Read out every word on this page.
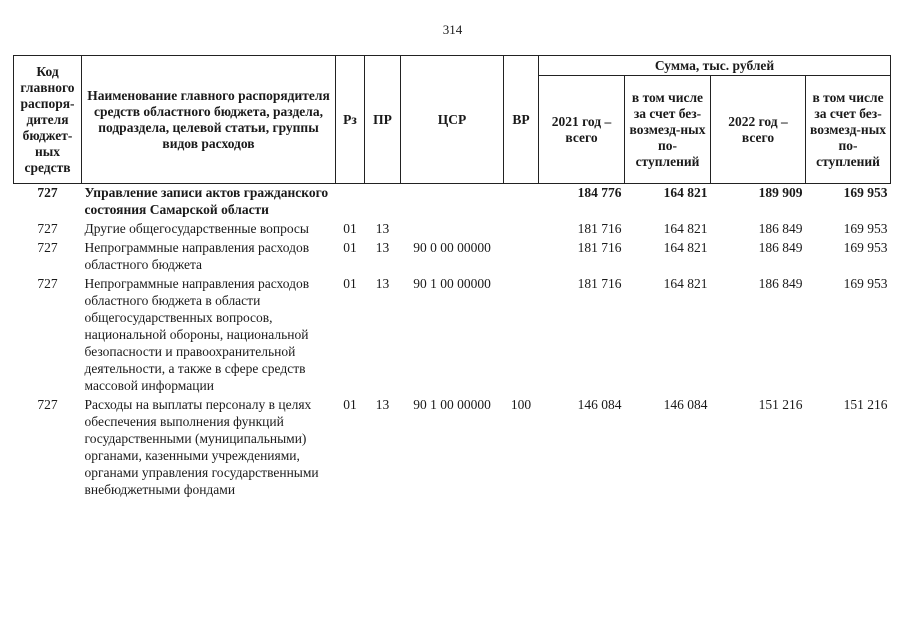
314
Код главного распоря-дителя бюджет-ных средств	Наименование главного распорядителя средств областного бюджета, раздела, подраздела, целевой статьи, группы видов расходов	Рз	ПР	ЦСР	ВР	Сумма, тыс. рублей			
						2021 год – всего	в том числе за счет без-возмезд-ных по-ступлений	2022 год – всего	в том числе за счет без-возмезд-ных по-ступлений
727	Управление записи актов гражданского состояния Самарской области					184 776	164 821	189 909	169 953
727	Другие общегосударственные вопросы	01	13			181 716	164 821	186 849	169 953
727	Непрограммные направления расходов областного бюджета	01	13	90 0 00 00000		181 716	164 821	186 849	169 953
727	Непрограммные направления расходов областного бюджета в области общегосударственных вопросов, национальной обороны, национальной безопасности и правоохранительной деятельности, а также в сфере средств массовой информации	01	13	90 1 00 00000		181 716	164 821	186 849	169 953
727	Расходы на выплаты персоналу в целях обеспечения выполнения функций государственными (муниципальными) органами, казенными учреждениями, органами управления государственными внебюджетными фондами	01	13	90 1 00 00000	100	146 084	146 084	151 216	151 216
